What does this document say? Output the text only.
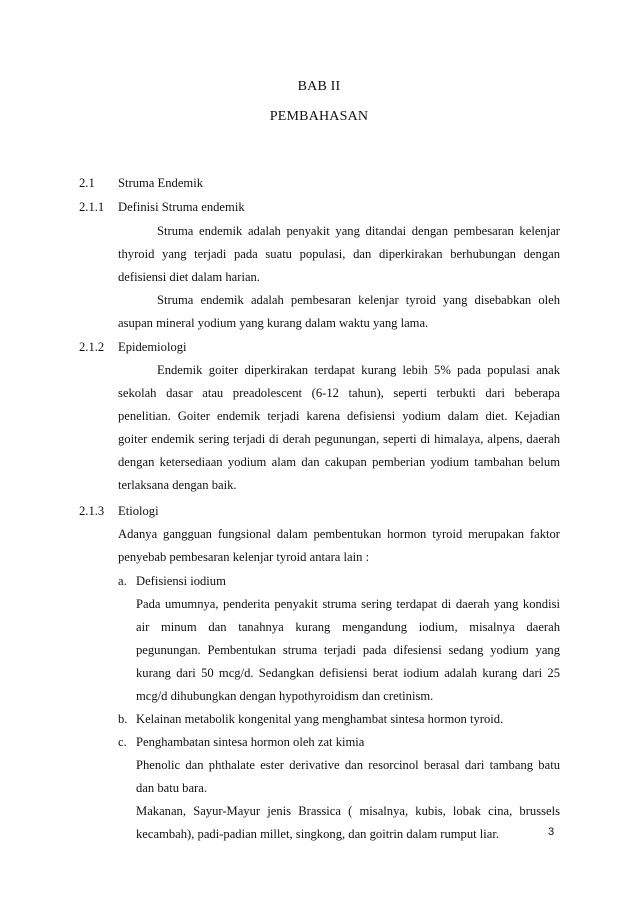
BAB II
PEMBAHASAN
2.1 Struma Endemik
2.1.1 Definisi Struma endemik
Struma endemik adalah penyakit yang ditandai dengan pembesaran kelenjar
thyroid yang terjadi pada suatu populasi, dan diperkirakan berhubungan dengan
defisiensi diet dalam harian.
Struma endemik adalah pembesaran kelenjar tyroid yang disebabkan oleh
asupan mineral yodium yang kurang dalam waktu yang lama.
2.1.2 Epidemiologi
Endemik goiter diperkirakan terdapat kurang lebih 5% pada populasi anak
sekolah dasar atau preadolescent (6-12 tahun), seperti terbukti dari beberapa
penelitian. Goiter endemik terjadi karena defisiensi yodium dalam diet. Kejadian
goiter endemik sering terjadi di derah pegunungan, seperti di himalaya, alpens, daerah
dengan ketersediaan yodium alam dan cakupan pemberian yodium tambahan belum
terlaksana dengan baik.
2.1.3 Etiologi
Adanya gangguan fungsional dalam pembentukan hormon tyroid merupakan faktor
penyebab pembesaran kelenjar tyroid antara lain :
a. Defisiensi iodium
Pada umumnya, penderita penyakit struma sering terdapat di daerah yang kondisi
air minum dan tanahnya kurang mengandung iodium, misalnya daerah
pegunungan. Pembentukan struma terjadi pada difesiensi sedang yodium yang
kurang dari 50 mcg/d. Sedangkan defisiensi berat iodium adalah kurang dari 25
mcg/d dihubungkan dengan hypothyroidism dan cretinism.
b. Kelainan metabolik kongenital yang menghambat sintesa hormon tyroid.
c. Penghambatan sintesa hormon oleh zat kimia
Phenolic dan phthalate ester derivative dan resorcinol berasal dari tambang batu
dan batu bara.
Makanan, Sayur-Mayur jenis Brassica ( misalnya, kubis, lobak cina, brussels
kecambah), padi-padian millet, singkong, dan goitrin dalam rumput liar.	3
